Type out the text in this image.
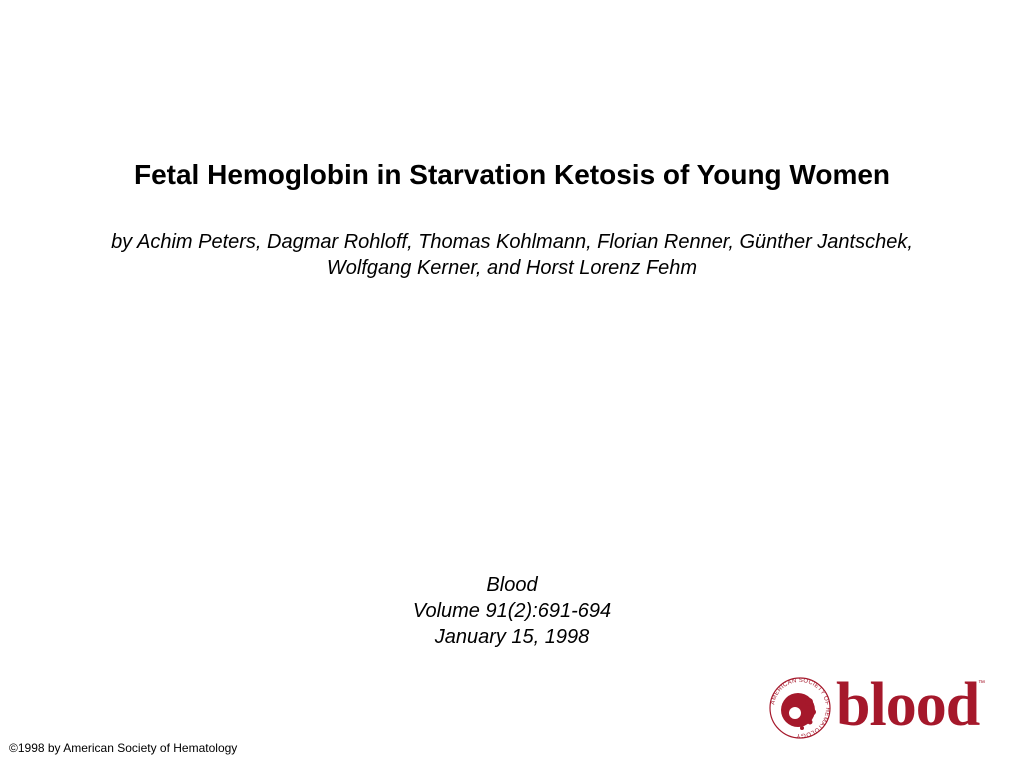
Fetal Hemoglobin in Starvation Ketosis of Young Women
by Achim Peters, Dagmar Rohloff, Thomas Kohlmann, Florian Renner, Günther Jantschek, Wolfgang Kerner, and Horst Lorenz Fehm
Blood
Volume 91(2):691-694
January 15, 1998
©1998 by American Society of Hematology
AMERICAN SOCIETY OF HEMATOLOGY blood
™
